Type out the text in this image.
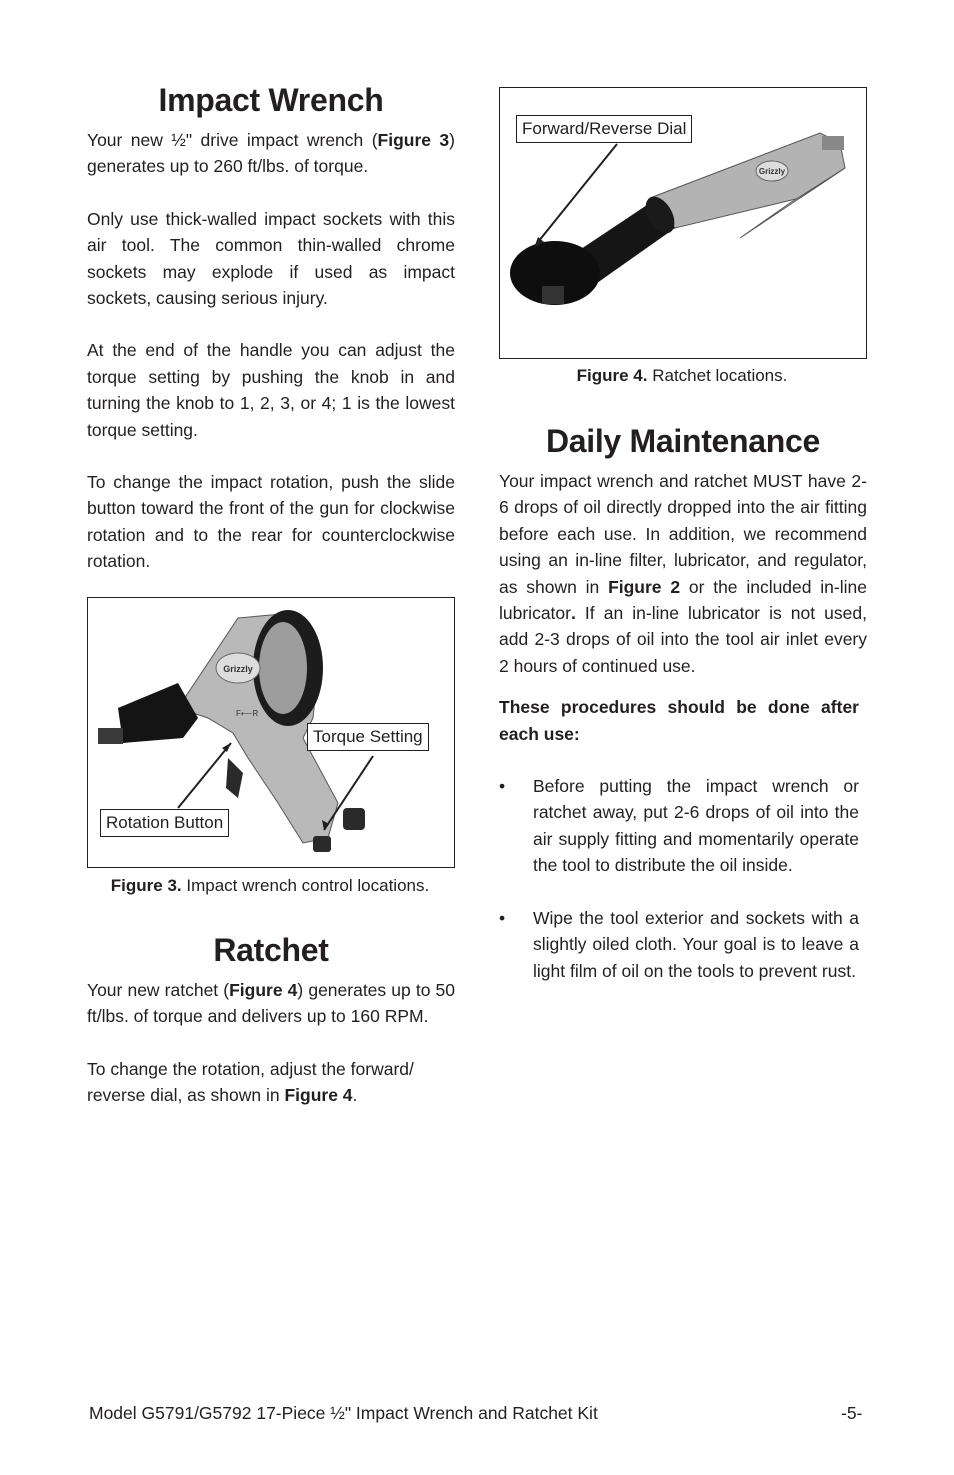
Impact Wrench

Your new ½" drive impact wrench (Figure 3) generates up to 260 ft/lbs. of torque.

Only use thick-walled impact sockets with this air tool. The common thin-walled chrome sockets may explode if used as impact sockets, causing serious injury.

At the end of the handle you can adjust the torque setting by pushing the knob in and turning the knob to 1, 2, 3, or 4; 1 is the lowest torque setting.

To change the impact rotation, push the slide button toward the front of the gun for clockwise rotation and to the rear for counterclockwise rotation.

Grizzly
F⟵R
Torque Setting
Rotation Button
Figure 3. Impact wrench control locations.
Ratchet

Your new ratchet (Figure 4) generates up to 50 ft/lbs. of torque and delivers up to 160 RPM.

To change the rotation, adjust the forward/ reverse dial, as shown in Figure 4.

Grizzly
Forward/Reverse Dial
Figure 4. Ratchet locations.
Daily Maintenance

Your impact wrench and ratchet MUST have 2-6 drops of oil directly dropped into the air fitting before each use. In addition, we recommend using an in-line filter, lubricator, and regulator, as shown in Figure 2 or the included in-line lubricator. If an in-line lubricator is not used, add 2-3 drops of oil into the tool air inlet every 2 hours of continued use.

These procedures should be done after each use:

• Before putting the impact wrench or ratchet away, put 2-6 drops of oil into the air supply fitting and momentarily operate the tool to distribute the oil inside.
• Wipe the tool exterior and sockets with a slightly oiled cloth. Your goal is to leave a light film of oil on the tools to prevent rust.
Model G5791/G5792 17-Piece ½" Impact Wrench and Ratchet Kit	-5-
